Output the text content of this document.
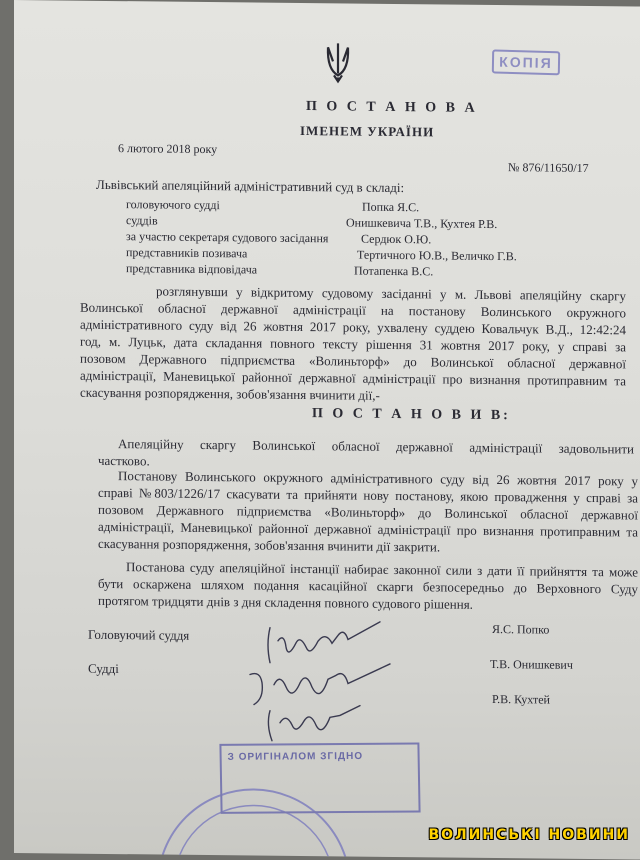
КОПІЯ
П О С Т А Н О В А
ІМЕНЕМ УКРАЇНИ
6 лютого 2018 року
№ 876/11650/17
Львівський апеляційний адміністративний суд в складі:
головуючого судді	Попка Я.С.
суддів	Онишкевича Т.В., Кухтея Р.В.
за участю секретаря судового засідання	Сердюк О.Ю.
представників позивача	Тертичного Ю.В., Величко Г.В.
представника відповідача	Потапенка В.С.
розглянувши у відкритому судовому засіданні у м. Львові апеляційну скаргу
Волинської обласної державної адміністрації на постанову Волинського окружного
адміністративного суду від 26 жовтня 2017 року, ухвалену суддею Ковальчук В.Д., 12:42:24
год, м. Луцьк, дата складання повного тексту рішення 31 жовтня 2017 року, у справі за
позовом Державного підприємства «Волиньторф» до Волинської обласної державної
адміністрації, Маневицької районної державної адміністрації про визнання протиправним та
скасування розпорядження, зобов'язання вчинити дії,-
П О С Т А Н О В И В:
Апеляційну скаргу Волинської обласної державної адміністрації задовольнити
частково.
Постанову Волинського окружного адміністративного суду від 26 жовтня 2017 року у
справі №803/1226/17 скасувати та прийняти нову постанову, якою провадження у справі за
позовом Державного підприємства «Волиньторф» до Волинської обласної державної
адміністрації, Маневицької районної державної адміністрації про визнання протиправним та
скасування розпорядження, зобов'язання вчинити дії закрити.
Постанова суду апеляційної інстанції набирає законної сили з дати її прийняття та може
бути оскаржена шляхом подання касаційної скарги безпосередньо до Верховного Суду
протягом тридцяти днів з дня складення повного судового рішення.
Головуючий суддя
Судді
Я.С. Попко
Т.В. Онишкевич
Р.В. Кухтей
З ОРИГІНАЛОМ ЗГІДНО
ВОЛИНСЬКІ НОВИНИ
